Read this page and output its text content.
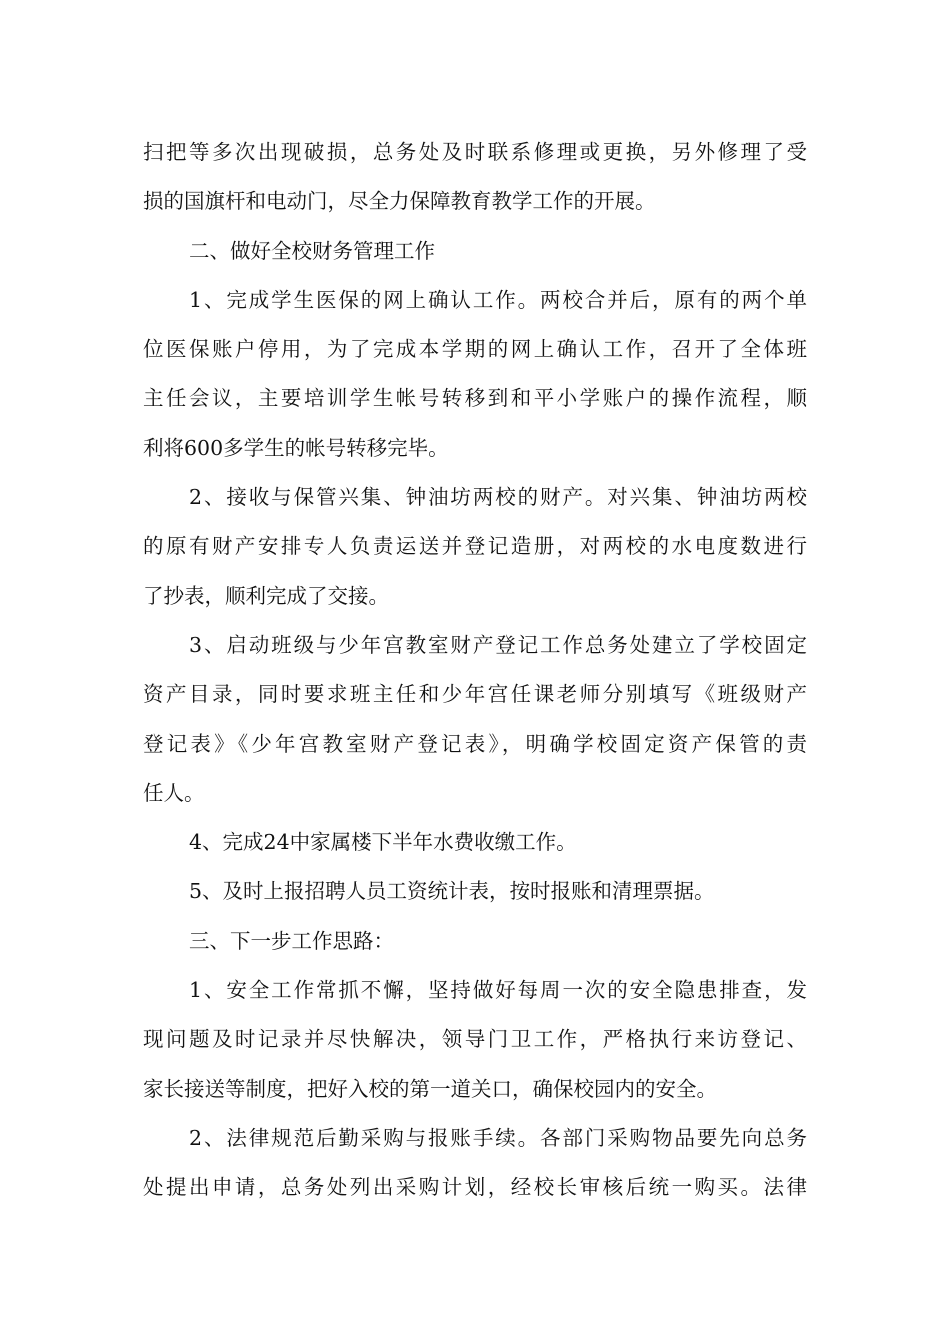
扫把等多次出现破损，总务处及时联系修理或更换，另外修理了受
损的国旗杆和电动门，尽全力保障教育教学工作的开展。
二、做好全校财务管理工作
1、完成学生医保的网上确认工作。两校合并后，原有的两个单
位医保账户停用，为了完成本学期的网上确认工作，召开了全体班
主任会议，主要培训学生帐号转移到和平小学账户的操作流程，顺
利将600多学生的帐号转移完毕。
2、接收与保管兴集、钟油坊两校的财产。对兴集、钟油坊两校
的原有财产安排专人负责运送并登记造册，对两校的水电度数进行
了抄表，顺利完成了交接。
3、启动班级与少年宫教室财产登记工作总务处建立了学校固定
资产目录，同时要求班主任和少年宫任课老师分别填写《班级财产
登记表》《少年宫教室财产登记表》，明确学校固定资产保管的责
任人。
4、完成24中家属楼下半年水费收缴工作。
5、及时上报招聘人员工资统计表，按时报账和清理票据。
三、下一步工作思路：
1、安全工作常抓不懈，坚持做好每周一次的安全隐患排查，发
现问题及时记录并尽快解决，领导门卫工作，严格执行来访登记、
家长接送等制度，把好入校的第一道关口，确保校园内的安全。
2、法律规范后勤采购与报账手续。各部门采购物品要先向总务
处提出申请，总务处列出采购计划，经校长审核后统一购买。法律
